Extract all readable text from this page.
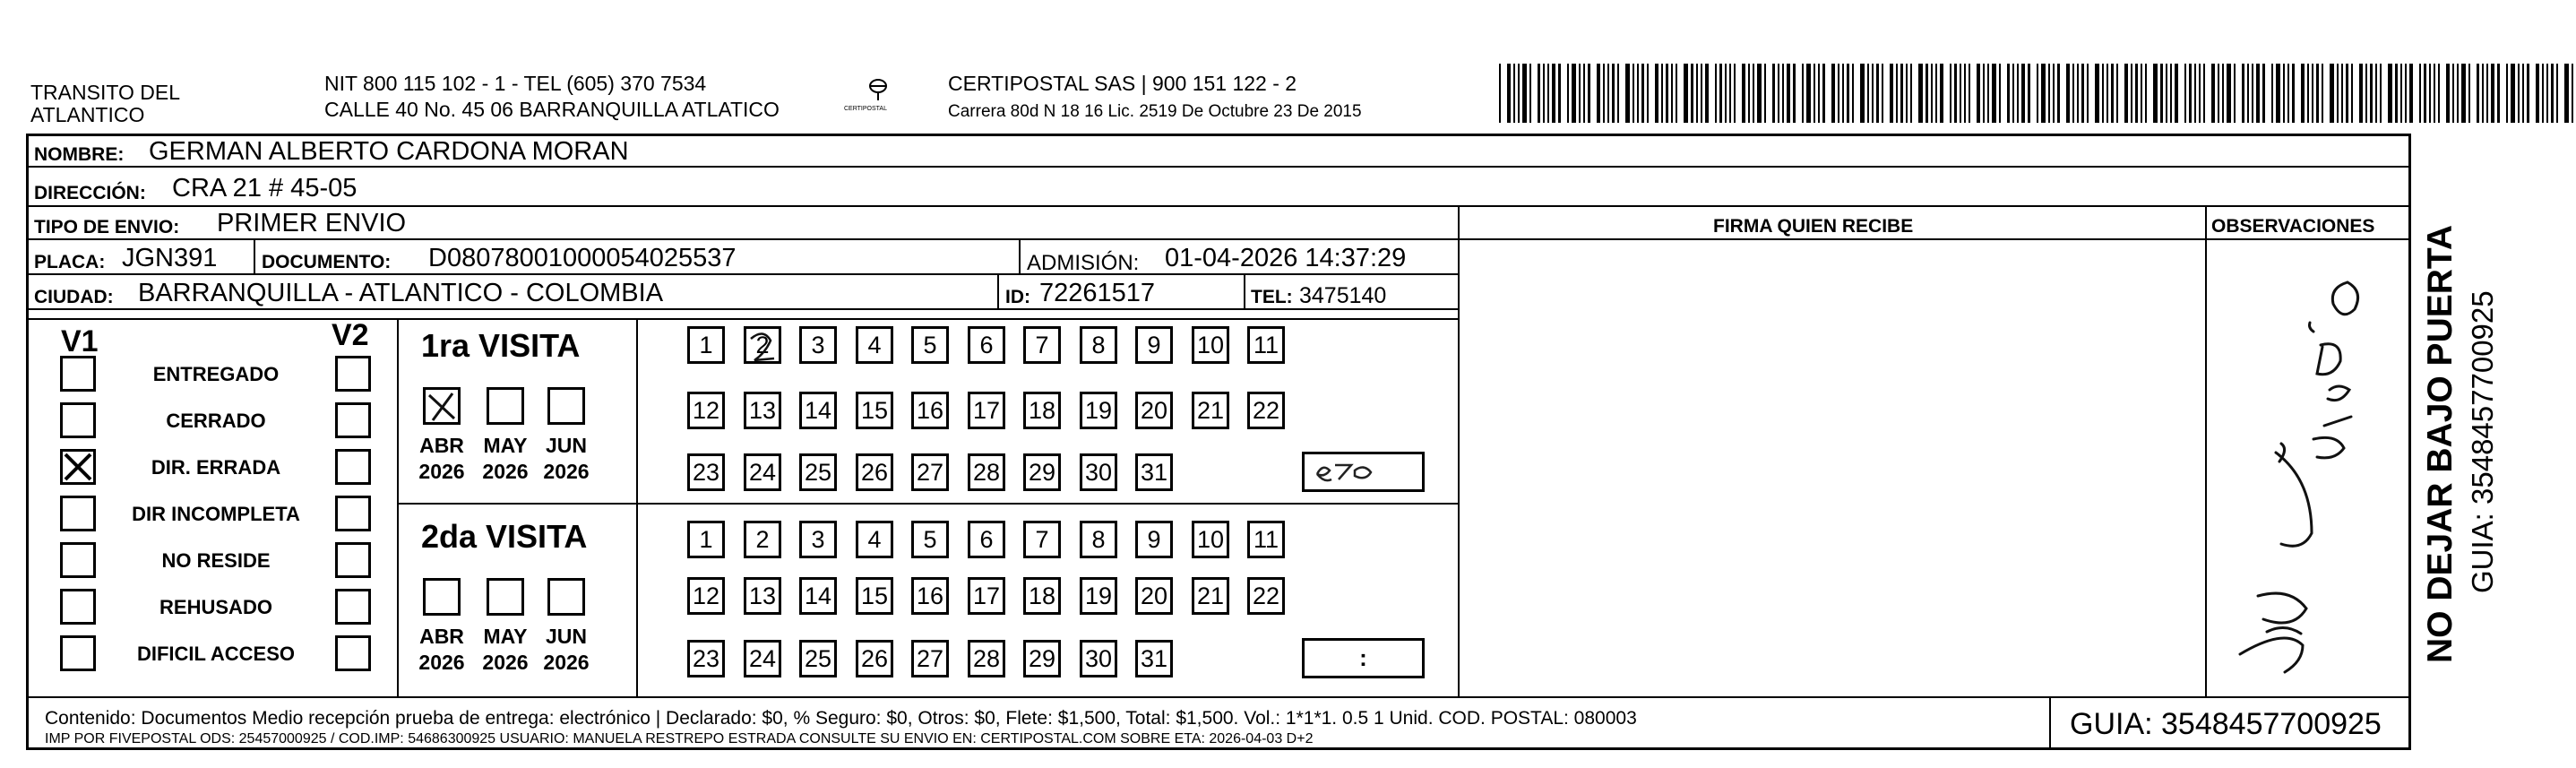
TRANSITO DEL
ATLANTICO
NIT 800 115 102 - 1 - TEL (605) 370 7534
CALLE 40 No. 45 06 BARRANQUILLA ATLATICO	CERTIPOSTAL
CERTIPOSTAL SAS | 900 151 122 - 2
Carrera 80d N 18 16 Lic. 2519 De Octubre 23 De 2015
NOMBRE: GERMAN ALBERTO CARDONA MORAN
DIRECCIÓN: CRA 21 # 45-05
TIPO DE ENVIO: PRIMER ENVIO	FIRMA QUIEN RECIBE	OBSERVACIONES
PLACA: JGN391 DOCUMENTO: D08078001000054025537	ADMISIÓN: 01-04-2026 14:37:29
CIUDAD: BARRANQUILLA - ATLANTICO - COLOMBIA	ID: 72261517	TEL: 3475140
V1	V2
ENTREGADO
CERRADO
DIR. ERRADA
DIR INCOMPLETA
NO RESIDE
REHUSADO
DIFICIL ACCESO
1ra VISITA
2da VISITA
ABR
2026
MAY
2026
JUN
2026
ABR
2026
MAY
2026
JUN
2026
1	2	3	4	5	6	7	8	9	10 11
12 13 14 15 16 17 18 19 20 21 22
23 24 25 26 27 28 29 30 31
1	2	3	4	5	6	7	8	9	10 11
12 13 14 15 16 17 18 19 20 21 22
23 24 25 26 27 28 29 30 31	:
Contenido: Documentos Medio recepción prueba de entrega: electrónico | Declarado: $0, % Seguro: $0, Otros: $0, Flete: $1,500, Total: $1,500. Vol.: 1*1*1. 0.5 1 Unid. COD. POSTAL: 080003
IMP POR FIVEPOSTAL ODS: 25457000925 / COD.IMP: 54686300925 USUARIO: MANUELA RESTREPO ESTRADA CONSULTE SU ENVIO EN: CERTIPOSTAL.COM SOBRE ETA: 2026-04-03 D+2	GUIA: 3548457700925
NO DEJAR BAJO PUERTA GUIA: 3548457700925
